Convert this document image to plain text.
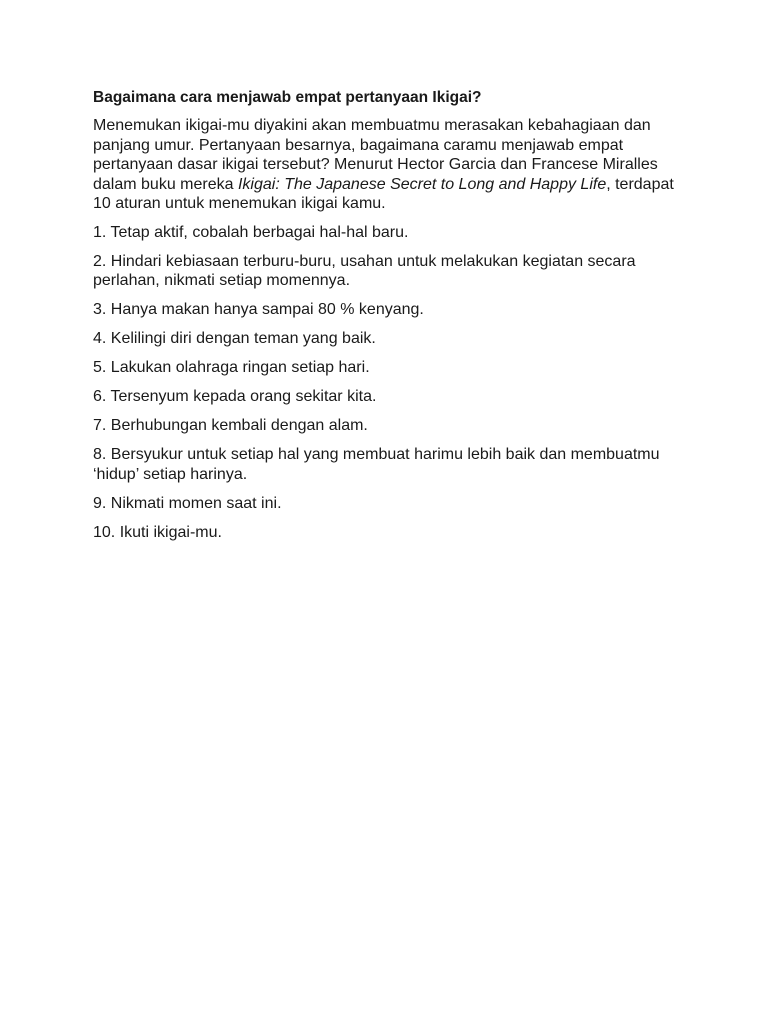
Bagaimana cara menjawab empat pertanyaan Ikigai?

Menemukan ikigai-mu diyakini akan membuatmu merasakan kebahagiaan dan panjang umur. Pertanyaan besarnya, bagaimana caramu menjawab empat pertanyaan dasar ikigai tersebut? Menurut Hector Garcia dan Francese Miralles dalam buku mereka Ikigai: The Japanese Secret to Long and Happy Life, terdapat 10 aturan untuk menemukan ikigai kamu.

1. Tetap aktif, cobalah berbagai hal-hal baru.
2. Hindari kebiasaan terburu-buru, usahan untuk melakukan kegiatan secara perlahan, nikmati setiap momennya.
3. Hanya makan hanya sampai 80 % kenyang.
4. Kelilingi diri dengan teman yang baik.
5. Lakukan olahraga ringan setiap hari.
6. Tersenyum kepada orang sekitar kita.
7. Berhubungan kembali dengan alam.
8. Bersyukur untuk setiap hal yang membuat harimu lebih baik dan membuatmu ‘hidup’ setiap harinya.
9. Nikmati momen saat ini.
10. Ikuti ikigai-mu.
